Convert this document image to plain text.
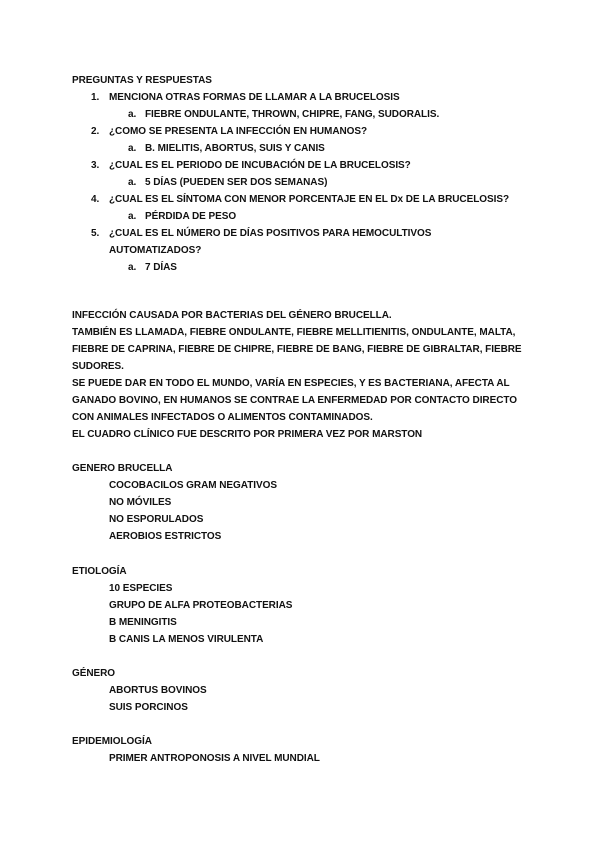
PREGUNTAS Y RESPUESTAS
1. MENCIONA OTRAS FORMAS DE LLAMAR A LA BRUCELOSIS
a. FIEBRE ONDULANTE, THROWN, CHIPRE, FANG, SUDORALIS.
2. ¿COMO SE PRESENTA LA INFECCIÓN EN HUMANOS?
a. B. MIELITIS, ABORTUS, SUIS Y CANIS
3. ¿CUAL ES EL PERIODO DE INCUBACIÓN DE LA BRUCELOSIS?
a. 5 DÍAS (PUEDEN SER DOS SEMANAS)
4. ¿CUAL ES EL SÍNTOMA CON MENOR PORCENTAJE EN EL Dx DE LA BRUCELOSIS?
a. PÉRDIDA DE PESO
5. ¿CUAL ES EL NÚMERO DE DÍAS POSITIVOS PARA HEMOCULTIVOS
AUTOMATIZADOS?
a. 7 DÍAS
INFECCIÓN CAUSADA POR BACTERIAS DEL GÉNERO BRUCELLA.
TAMBIÉN ES LLAMADA, FIEBRE ONDULANTE, FIEBRE MELLITIENITIS, ONDULANTE, MALTA,
FIEBRE DE CAPRINA, FIEBRE DE CHIPRE, FIEBRE DE BANG, FIEBRE DE GIBRALTAR, FIEBRE
SUDORES.
SE PUEDE DAR EN TODO EL MUNDO, VARÍA EN ESPECIES, Y ES BACTERIANA, AFECTA AL
GANADO BOVINO, EN HUMANOS SE CONTRAE LA ENFERMEDAD POR CONTACTO DIRECTO
CON ANIMALES INFECTADOS O ALIMENTOS CONTAMINADOS.
EL CUADRO CLÍNICO FUE DESCRITO POR PRIMERA VEZ POR MARSTON
GENERO BRUCELLA
COCOBACILOS GRAM NEGATIVOS
NO MÓVILES
NO ESPORULADOS
AEROBIOS ESTRICTOS
ETIOLOGÍA
10 ESPECIES
GRUPO DE ALFA PROTEOBACTERIAS
B MENINGITIS
B CANIS LA MENOS VIRULENTA
GÉNERO
ABORTUS BOVINOS
SUIS PORCINOS
EPIDEMIOLOGÍA
PRIMER ANTROPONOSIS A NIVEL MUNDIAL
